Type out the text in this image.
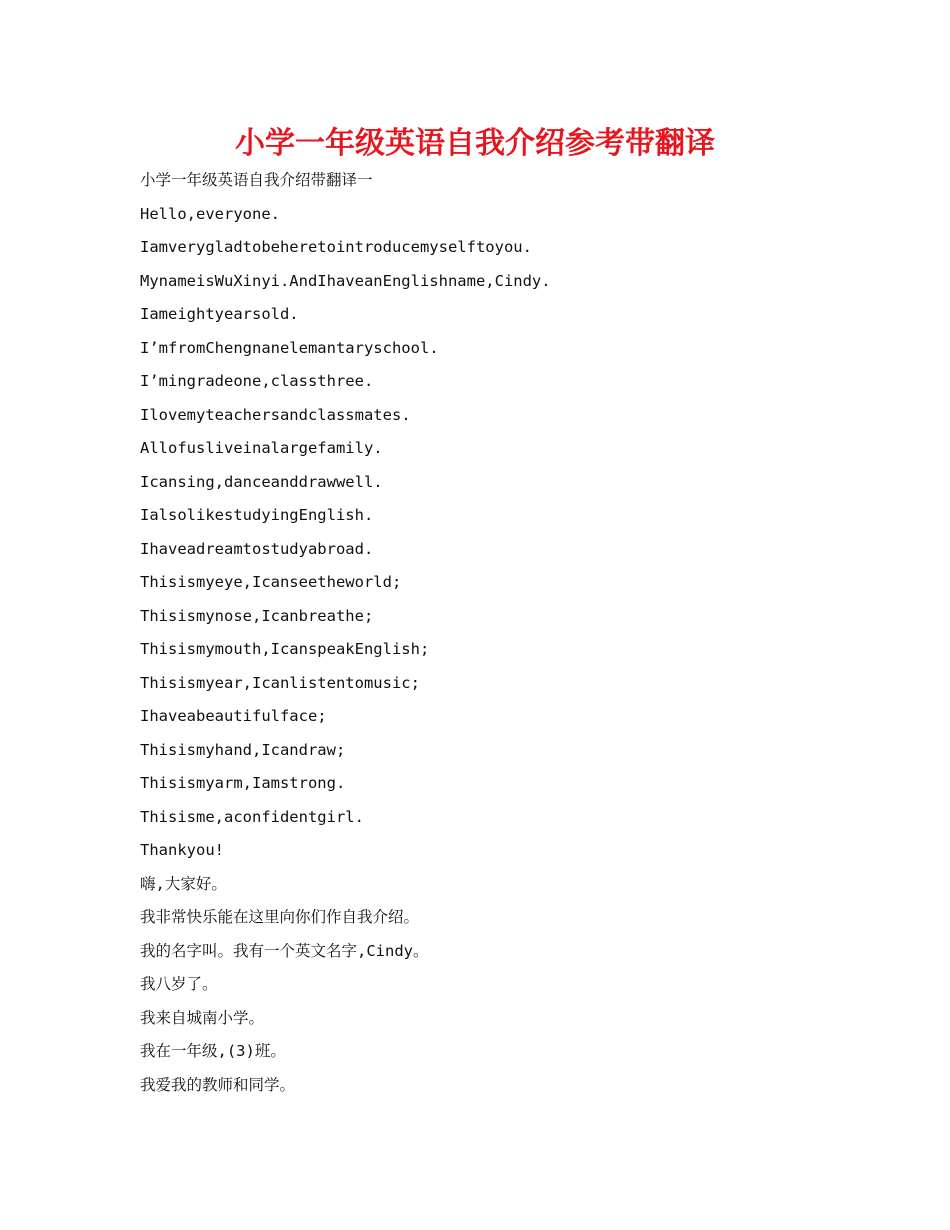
小学一年级英语自我介绍参考带翻译
小学一年级英语自我介绍带翻译一
Hello,everyone.
Iamverygladtobeheretointroducemyselftoyou.
MynameisWuXinyi.AndIhaveanEnglishname,Cindy.
Iameightyearsold.
I’mfromChengnanelemantaryschool.
I’mingradeone,classthree.
Ilovemyteachersandclassmates.
Allofusliveinalargefamily.
Icansing,danceanddrawwell.
IalsolikestudyingEnglish.
Ihaveadreamtostudyabroad.
Thisismyeye,Icanseetheworld;
Thisismynose,Icanbreathe;
Thisismymouth,IcanspeakEnglish;
Thisismyear,Icanlistentomusic;
Ihaveabeautifulface;
Thisismyhand,Icandraw;
Thisismyarm,Iamstrong.
Thisisme,aconfidentgirl.
Thankyou!
嗨,大家好。
我非常快乐能在这里向你们作自我介绍。
我的名字叫。我有一个英文名字,Cindy。
我八岁了。
我来自城南小学。
我在一年级,(3)班。
我爱我的教师和同学。
